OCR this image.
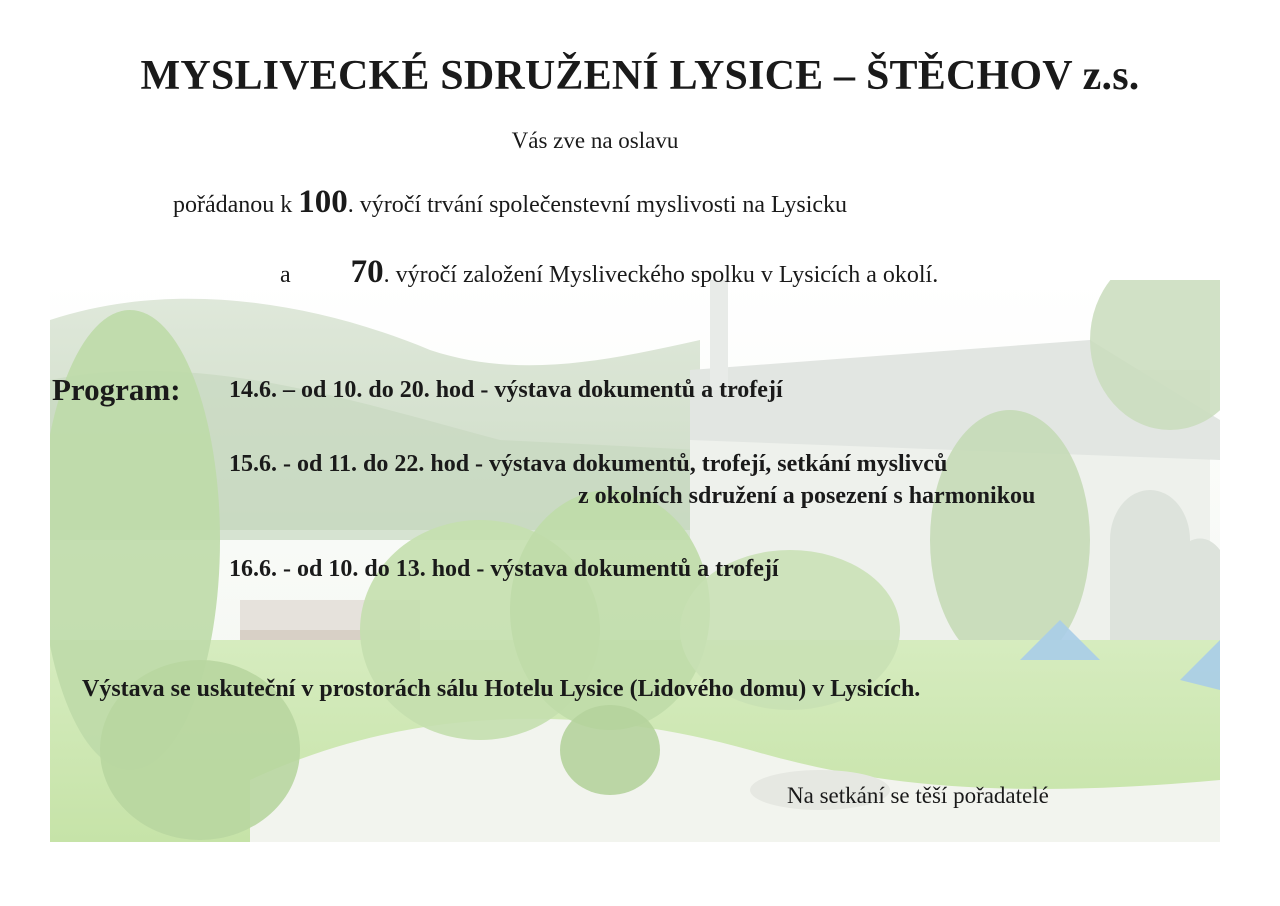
MYSLIVECKÉ SDRUŽENÍ LYSICE – ŠTĚCHOV z.s.
Vás zve na oslavu
pořádanou k 100. výročí trvání společenstevní myslivosti na Lysicku
a 70. výročí založení Mysliveckého spolku v Lysicích a okolí.
Program: 14.6. – od 10. do 20. hod - výstava dokumentů a trofejí
15.6. - od 11. do 22. hod - výstava dokumentů, trofejí, setkání myslivců
z okolních sdružení a posezení s harmonikou
16.6. - od 10. do 13. hod - výstava dokumentů a trofejí
Výstava se uskuteční v prostorách sálu Hotelu Lysice (Lidového domu) v Lysicích.
Na setkání se těší pořadatelé
